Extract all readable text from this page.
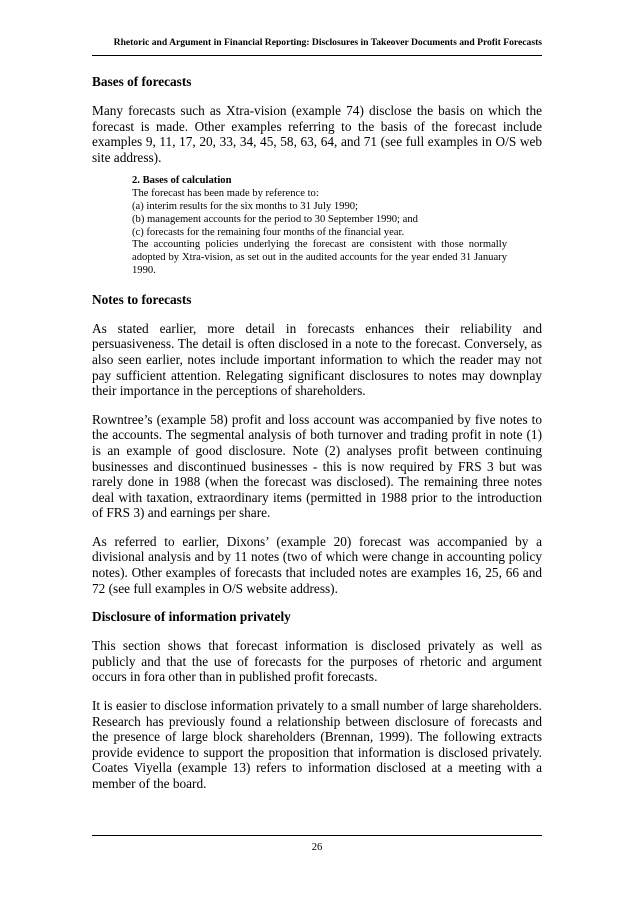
Rhetoric and Argument in Financial Reporting: Disclosures in Takeover Documents and Profit Forecasts
Bases of forecasts

Many forecasts such as Xtra-vision (example 74) disclose the basis on which the forecast is made. Other examples referring to the basis of the forecast include examples 9, 11, 17, 20, 33, 34, 45, 58, 63, 64, and 71 (see full examples in O/S web site address).

2. Bases of calculation
The forecast has been made by reference to:
(a) interim results for the six months to 31 July 1990;
(b) management accounts for the period to 30 September 1990; and
(c) forecasts for the remaining four months of the financial year.
The accounting policies underlying the forecast are consistent with those normally adopted by Xtra-vision, as set out in the audited accounts for the year ended 31 January 1990.
Notes to forecasts

As stated earlier, more detail in forecasts enhances their reliability and persuasiveness. The detail is often disclosed in a note to the forecast. Conversely, as also seen earlier, notes include important information to which the reader may not pay sufficient attention. Relegating significant disclosures to notes may downplay their importance in the perceptions of shareholders.

Rowntree’s (example 58) profit and loss account was accompanied by five notes to the accounts. The segmental analysis of both turnover and trading profit in note (1) is an example of good disclosure. Note (2) analyses profit between continuing businesses and discontinued businesses - this is now required by FRS 3 but was rarely done in 1988 (when the forecast was disclosed). The remaining three notes deal with taxation, extraordinary items (permitted in 1988 prior to the introduction of FRS 3) and earnings per share.

As referred to earlier, Dixons’ (example 20) forecast was accompanied by a divisional analysis and by 11 notes (two of which were change in accounting policy notes). Other examples of forecasts that included notes are examples 16, 25, 66 and 72 (see full examples in O/S website address).

Disclosure of information privately

This section shows that forecast information is disclosed privately as well as publicly and that the use of forecasts for the purposes of rhetoric and argument occurs in fora other than in published profit forecasts.

It is easier to disclose information privately to a small number of large shareholders. Research has previously found a relationship between disclosure of forecasts and the presence of large block shareholders (Brennan, 1999). The following extracts provide evidence to support the proposition that information is disclosed privately. Coates Viyella (example 13) refers to information disclosed at a meeting with a member of the board.

26
